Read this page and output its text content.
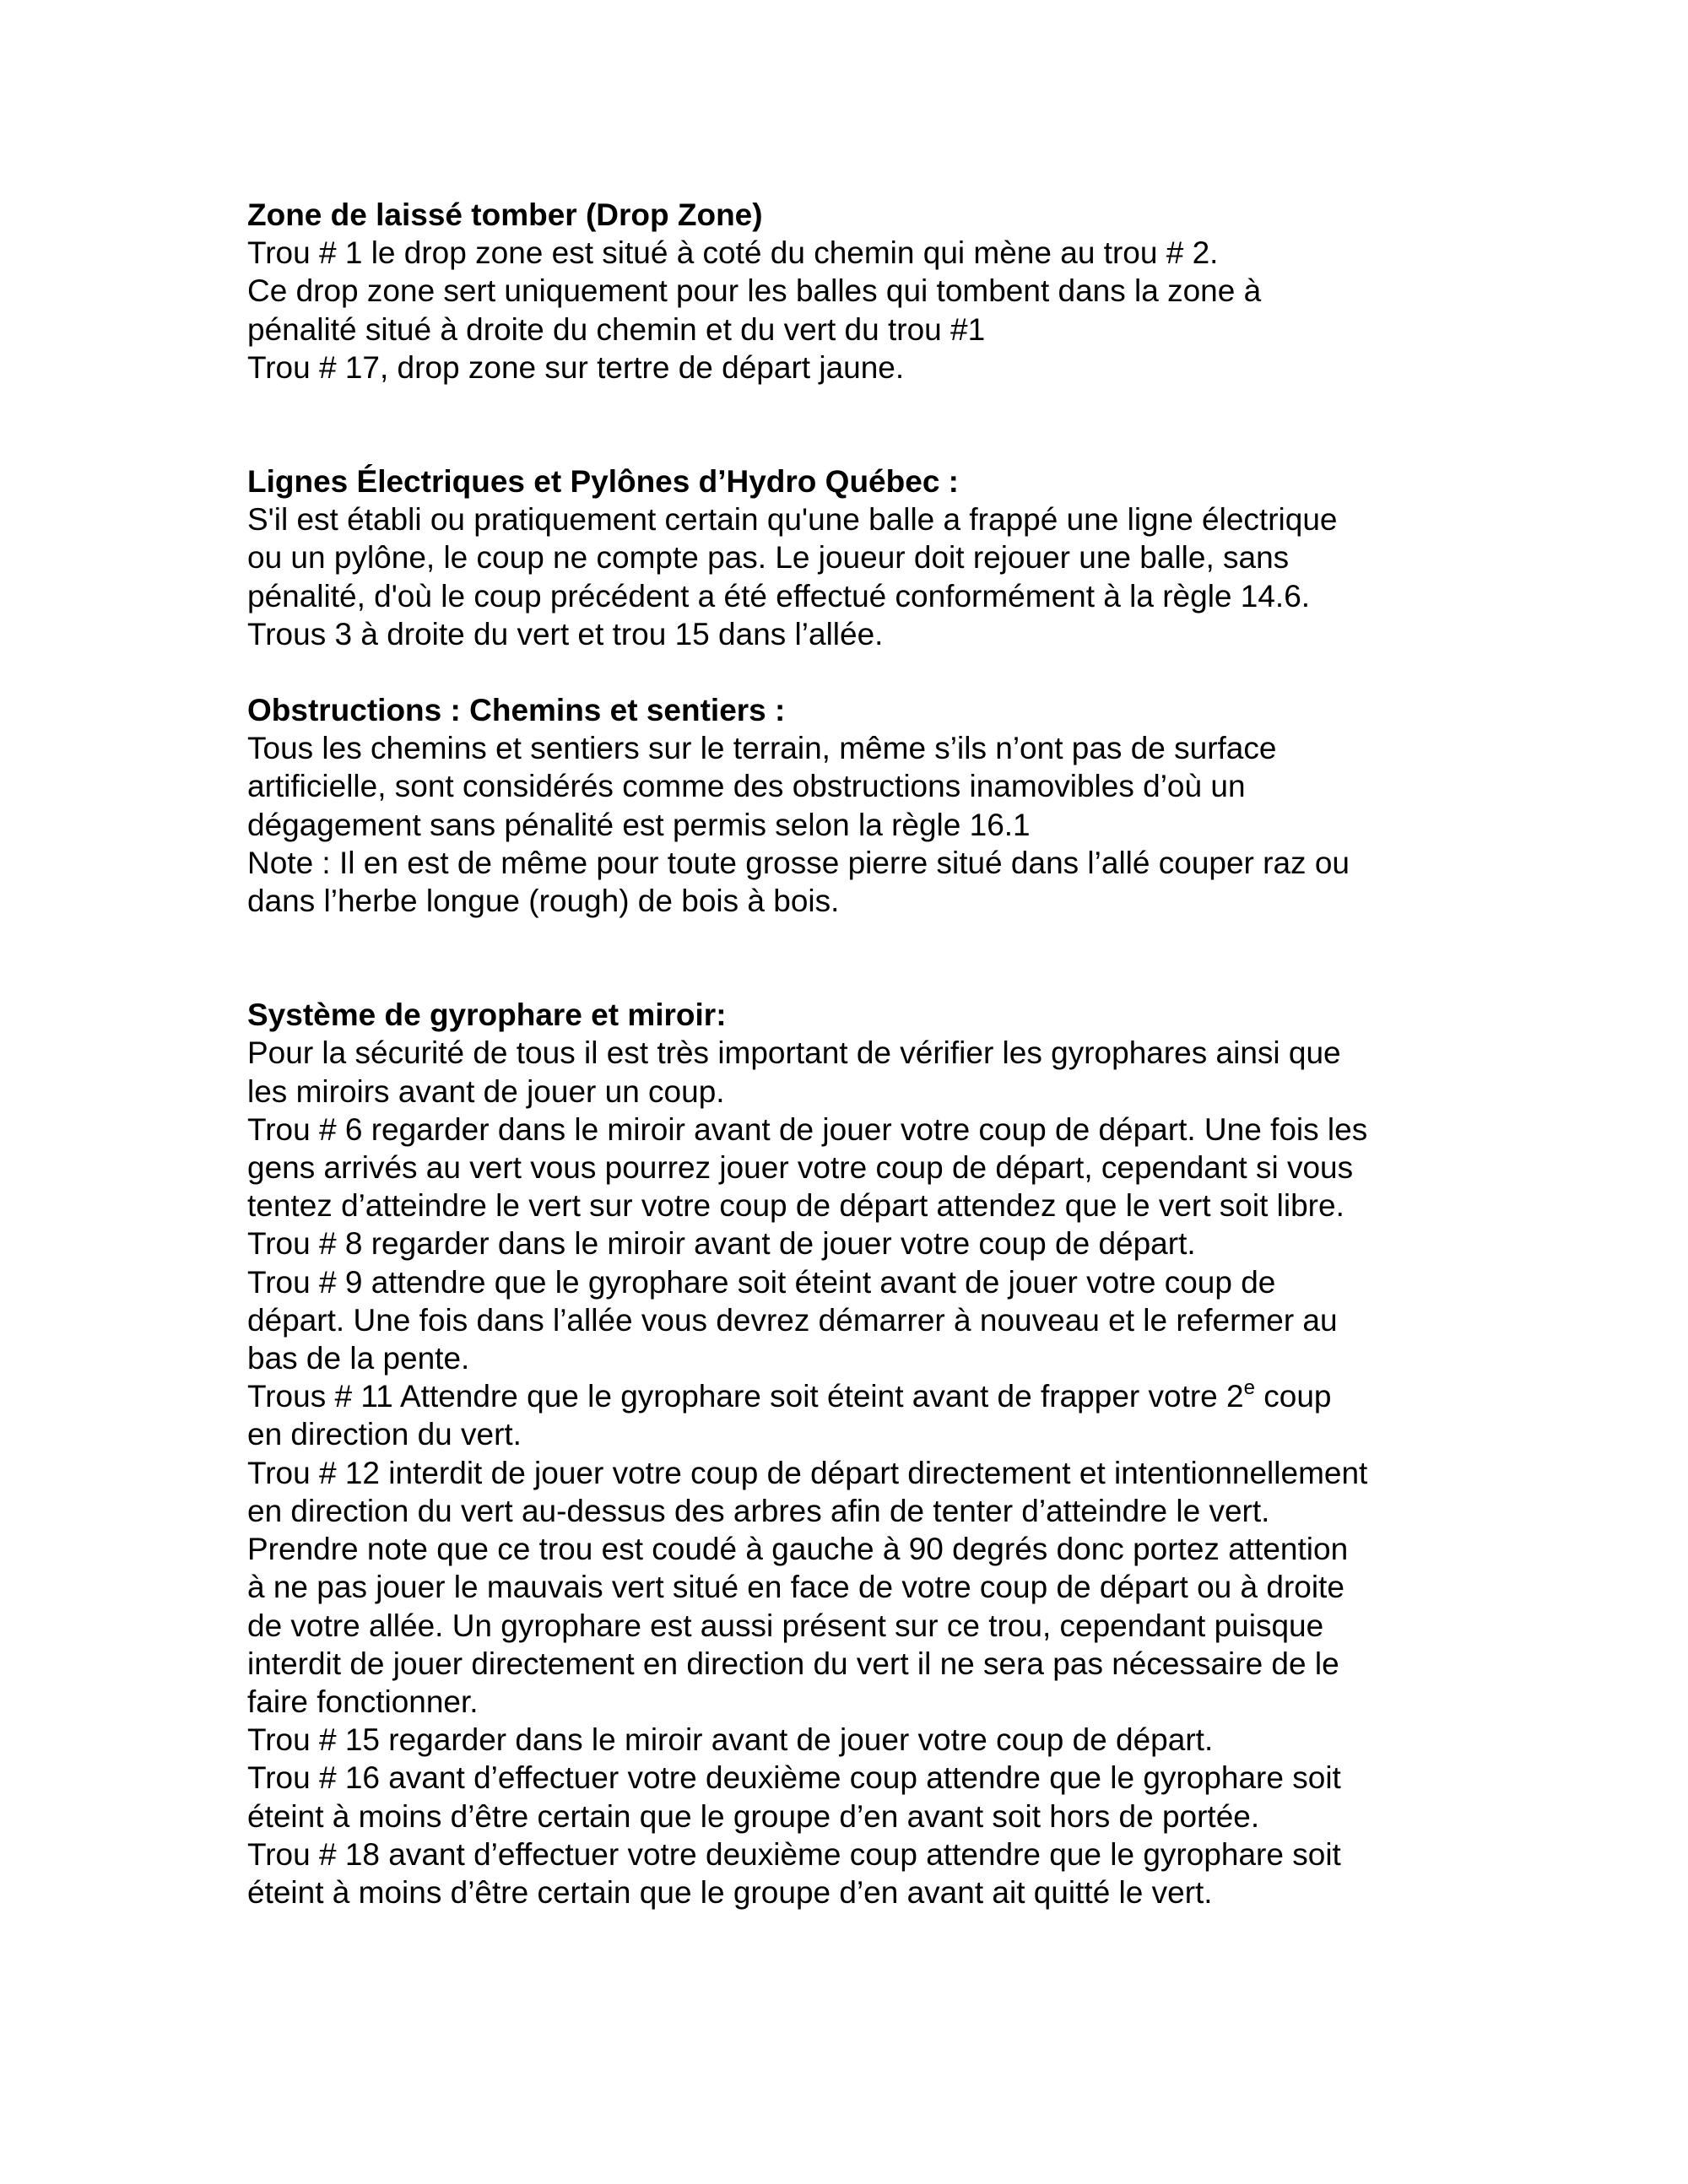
Zone de laissé tomber (Drop Zone)

Trou # 1 le drop zone est situé à coté du chemin qui mène au trou # 2.

Ce drop zone sert uniquement pour les balles qui tombent dans la zone à

pénalité situé à droite du chemin et du vert du trou #1

Trou # 17, drop zone sur tertre de départ jaune.

Lignes Électriques et Pylônes d’Hydro Québec :

S'il est établi ou pratiquement certain qu'une balle a frappé une ligne électrique

ou un pylône, le coup ne compte pas. Le joueur doit rejouer une balle, sans

pénalité, d'où le coup précédent a été effectué conformément à la règle 14.6.

Trous 3 à droite du vert et trou 15 dans l’allée.

Obstructions : Chemins et sentiers :

Tous les chemins et sentiers sur le terrain, même s’ils n’ont pas de surface

artificielle, sont considérés comme des obstructions inamovibles d’où un

dégagement sans pénalité est permis selon la règle 16.1

Note : Il en est de même pour toute grosse pierre situé dans l’allé couper raz ou

dans l’herbe longue (rough) de bois à bois.

Système de gyrophare et miroir:

Pour la sécurité de tous il est très important de vérifier les gyrophares ainsi que

les miroirs avant de jouer un coup.

Trou # 6 regarder dans le miroir avant de jouer votre coup de départ. Une fois les

gens arrivés au vert vous pourrez jouer votre coup de départ, cependant si vous

tentez d’atteindre le vert sur votre coup de départ attendez que le vert soit libre.

Trou # 8 regarder dans le miroir avant de jouer votre coup de départ.

Trou # 9 attendre que le gyrophare soit éteint avant de jouer votre coup de

départ. Une fois dans l’allée vous devrez démarrer à nouveau et le refermer au

bas de la pente.

Trous # 11 Attendre que le gyrophare soit éteint avant de frapper votre 2e coup

en direction du vert.

Trou # 12 interdit de jouer votre coup de départ directement et intentionnellement

en direction du vert au-dessus des arbres afin de tenter d’atteindre le vert.

Prendre note que ce trou est coudé à gauche à 90 degrés donc portez attention

à ne pas jouer le mauvais vert situé en face de votre coup de départ ou à droite

de votre allée. Un gyrophare est aussi présent sur ce trou, cependant puisque

interdit de jouer directement en direction du vert il ne sera pas nécessaire de le

faire fonctionner.

Trou # 15 regarder dans le miroir avant de jouer votre coup de départ.

Trou # 16 avant d’effectuer votre deuxième coup attendre que le gyrophare soit

éteint à moins d’être certain que le groupe d’en avant soit hors de portée.

Trou # 18 avant d’effectuer votre deuxième coup attendre que le gyrophare soit

éteint à moins d’être certain que le groupe d’en avant ait quitté le vert.
